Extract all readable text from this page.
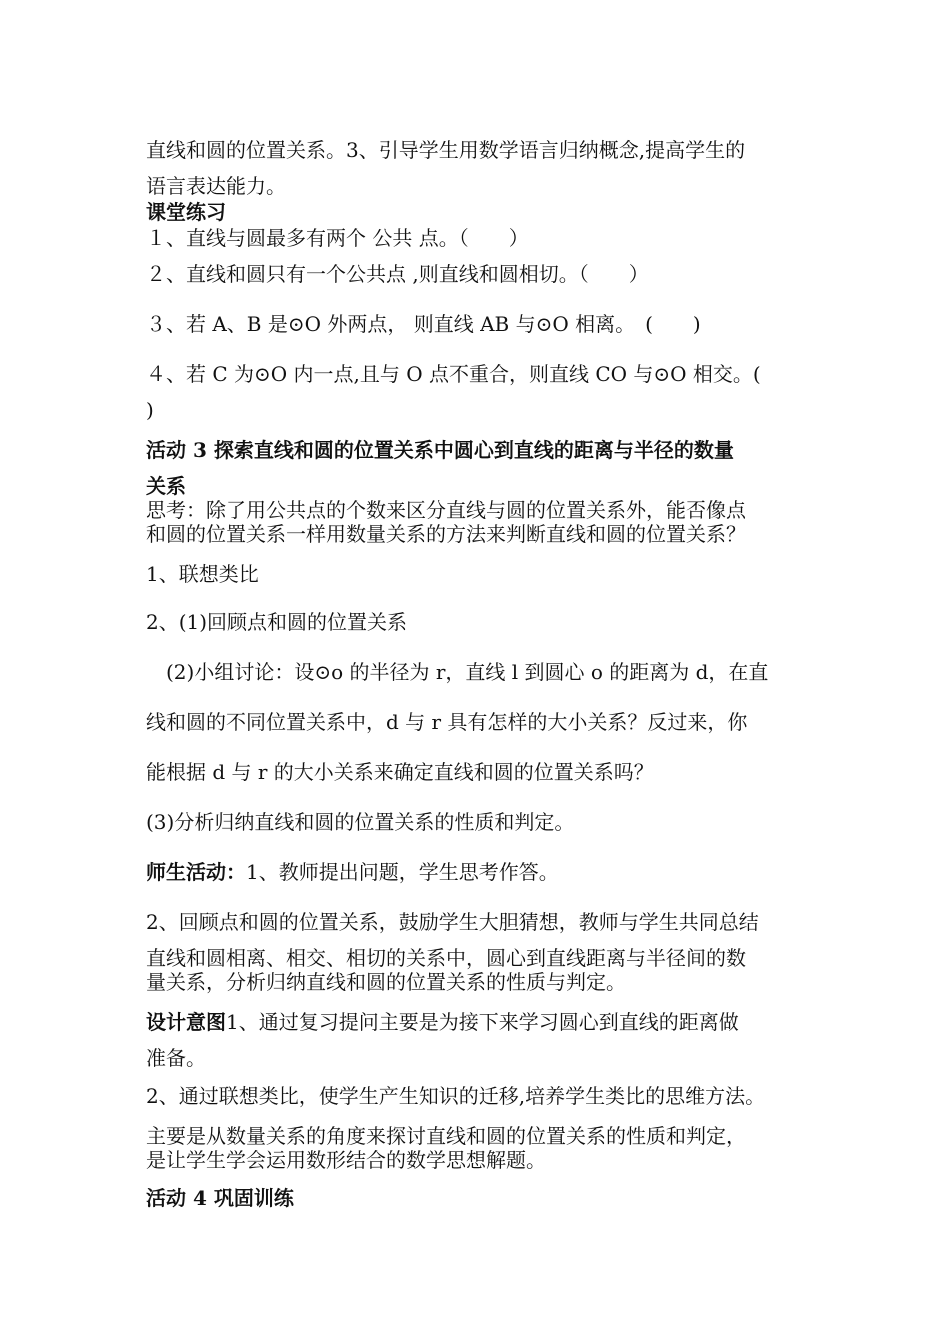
直线和圆的位置关系。3、引导学生用数学语言归纳概念,提高学生的

语言表达能力。

课堂练习

１、直线与圆最多有两个 公共 点。（　　）

２、直线和圆只有一个公共点 ,则直线和圆相切。（　　）

３、若 A、B 是⊙O 外两点， 则直线 AB 与⊙O 相离。　(　　)

４、若 C 为⊙O 内一点,且与 O 点不重合，则直线 CO 与⊙O 相交。(

)

活动 3 探索直线和圆的位置关系中圆心到直线的距离与半径的数量

关系

思考：除了用公共点的个数来区分直线与圆的位置关系外，能否像点

和圆的位置关系一样用数量关系的方法来判断直线和圆的位置关系？

1、联想类比

2、(1)回顾点和圆的位置关系

(2)小组讨论：设⊙o 的半径为 r，直线 l 到圆心 o 的距离为 d，在直

线和圆的不同位置关系中，d 与 r 具有怎样的大小关系？反过来，你

能根据 d 与 r 的大小关系来确定直线和圆的位置关系吗？

(3)分析归纳直线和圆的位置关系的性质和判定。

师生活动：1、教师提出问题，学生思考作答。

2、回顾点和圆的位置关系，鼓励学生大胆猜想，教师与学生共同总结

直线和圆相离、相交、相切的关系中，圆心到直线距离与半径间的数

量关系，分析归纳直线和圆的位置关系的性质与判定。

设计意图1、通过复习提问主要是为接下来学习圆心到直线的距离做

准备。

2、通过联想类比，使学生产生知识的迁移,培养学生类比的思维方法。

主要是从数量关系的角度来探讨直线和圆的位置关系的性质和判定，

是让学生学会运用数形结合的数学思想解题。

活动 4 巩固训练
